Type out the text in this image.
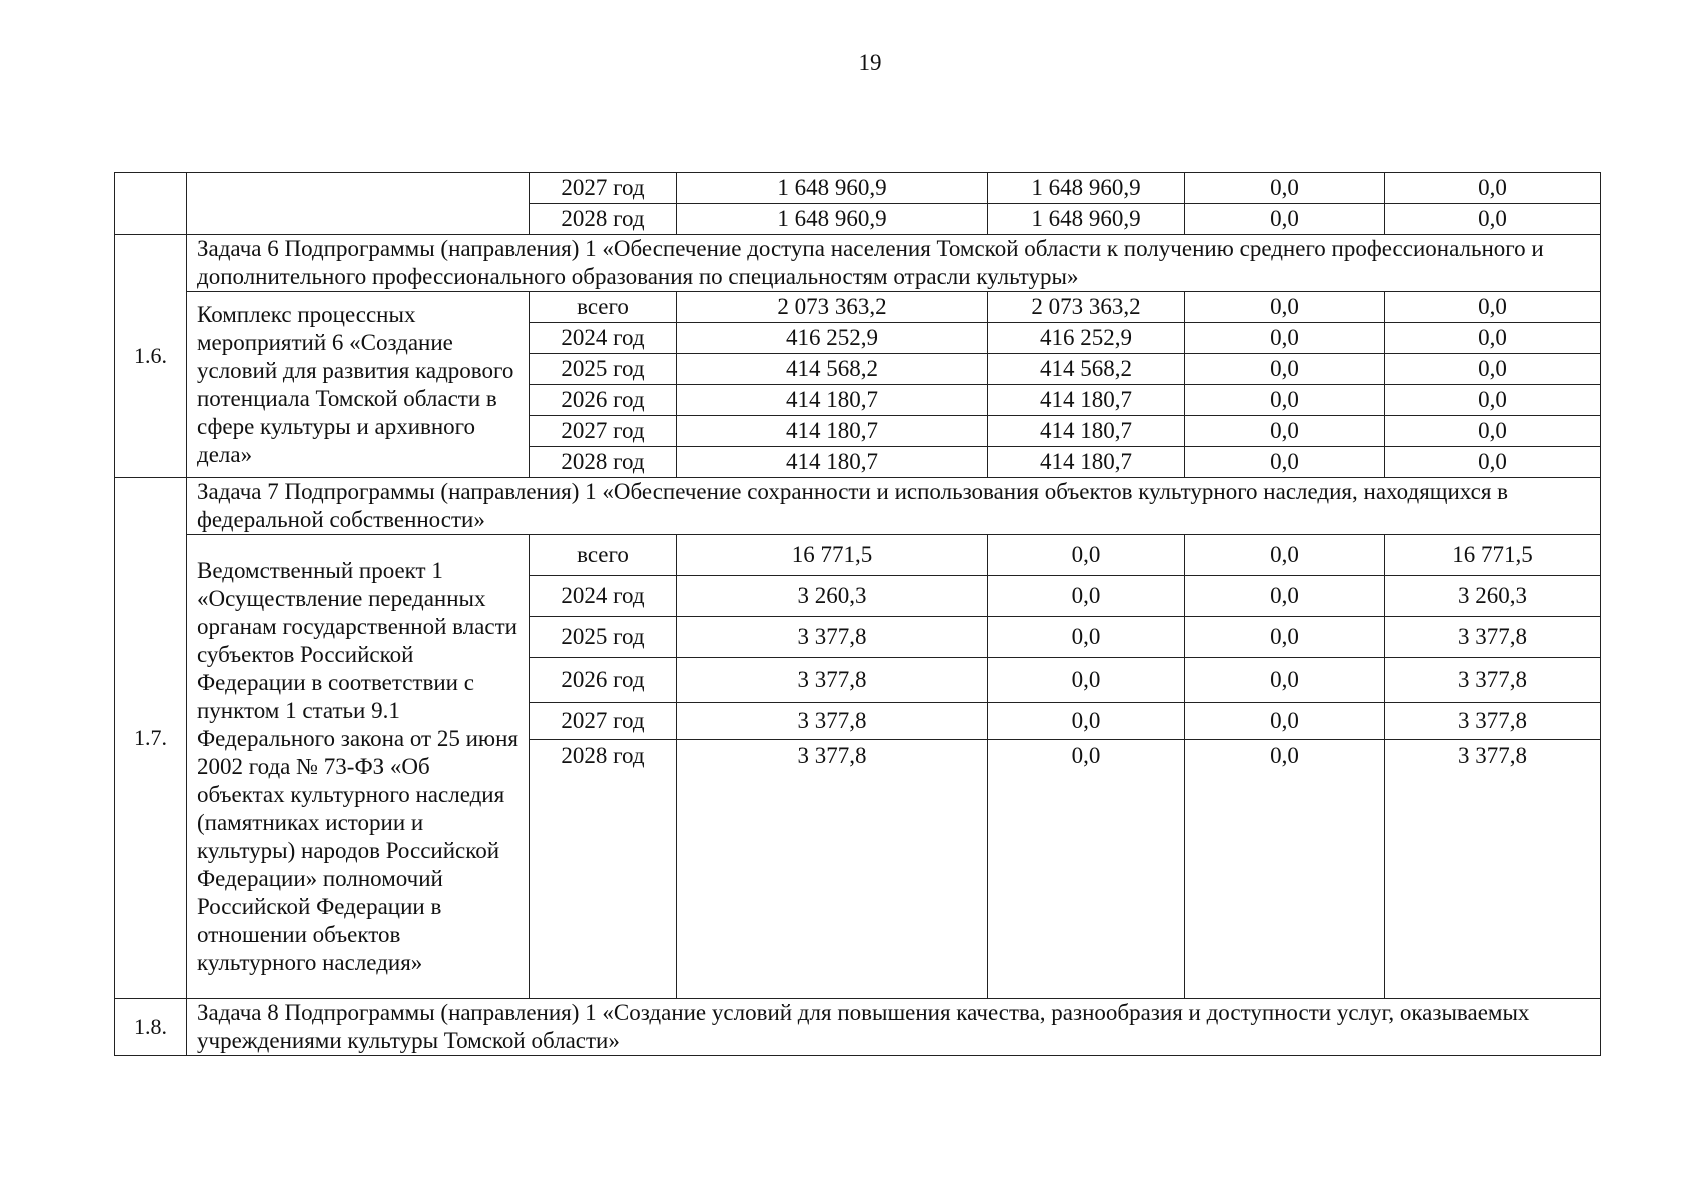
19
		2027 год	1 648 960,9	1 648 960,9	0,0	0,0
		2028 год	1 648 960,9	1 648 960,9	0,0	0,0
1.6.	Задача 6 Подпрограммы (направления) 1 «Обеспечение доступа населения Томской области к получению среднего профессионального и дополнительного профессионального образования по специальностям отрасли культуры»					
	Комплекс процессных мероприятий 6 «Создание условий для развития кадрового потенциала Томской области в сфере культуры и архивного дела»	всего	2 073 363,2	2 073 363,2	0,0	0,0
		2024 год	416 252,9	416 252,9	0,0	0,0
		2025 год	414 568,2	414 568,2	0,0	0,0
		2026 год	414 180,7	414 180,7	0,0	0,0
		2027 год	414 180,7	414 180,7	0,0	0,0
		2028 год	414 180,7	414 180,7	0,0	0,0
1.7.	Задача 7 Подпрограммы (направления) 1 «Обеспечение сохранности и использования объектов культурного наследия, находящихся в федеральной собственности»					
	Ведомственный проект 1 «Осуществление переданных органам государственной власти субъектов Российской Федерации в соответствии с пунктом 1 статьи 9.1 Федерального закона от 25 июня 2002 года № 73-ФЗ «Об объектах культурного наследия (памятниках истории и культуры) народов Российской Федерации» полномочий Российской Федерации в отношении объектов культурного наследия»	всего	16 771,5	0,0	0,0	16 771,5
		2024 год	3 260,3	0,0	0,0	3 260,3
		2025 год	3 377,8	0,0	0,0	3 377,8
		2026 год	3 377,8	0,0	0,0	3 377,8
		2027 год	3 377,8	0,0	0,0	3 377,8
		2028 год	3 377,8	0,0	0,0	3 377,8
1.8.	Задача 8 Подпрограммы (направления) 1 «Создание условий для повышения качества, разнообразия и доступности услуг, оказываемых учреждениями культуры Томской области»					
